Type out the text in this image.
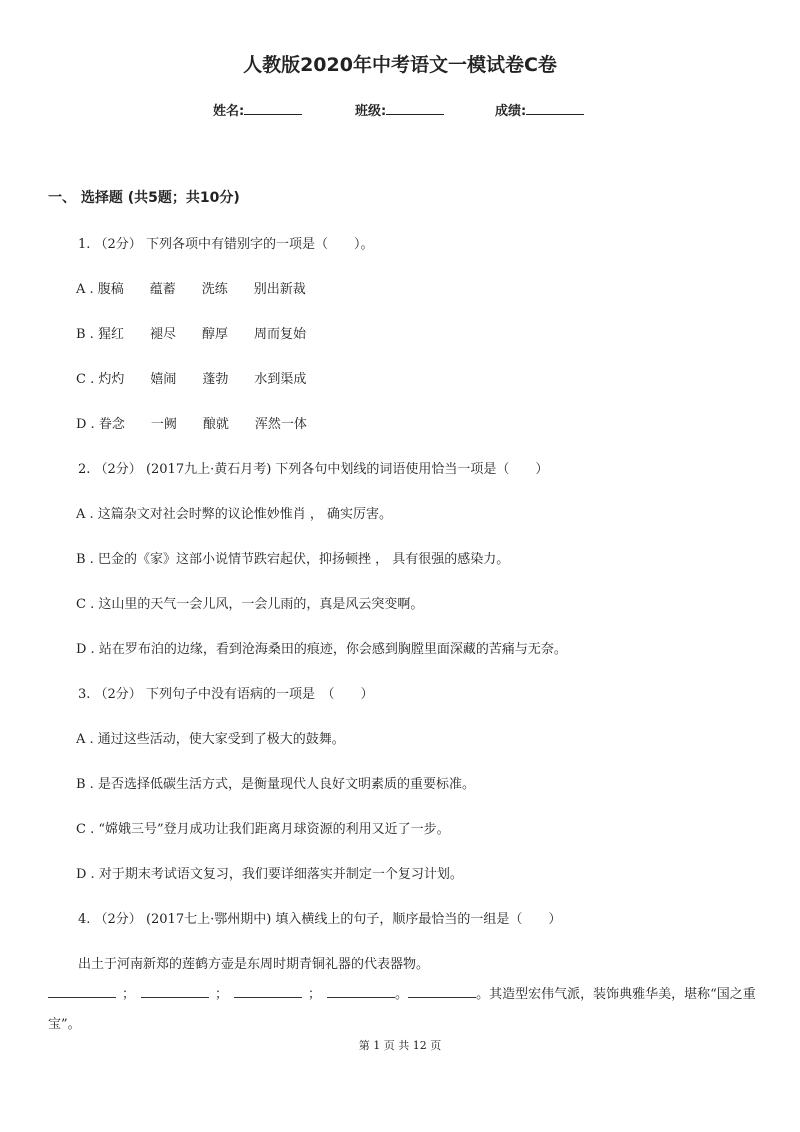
人教版2020年中考语文一模试卷C卷
姓名:	班级:	成绩:
一、 选择题 (共5题；共10分)
1. （2分） 下列各项中有错别字的一项是（　　）。
A . 腹稿　　蕴蓄　　洗练　　别出新裁
B . 猩红　　褪尽　　醇厚　　周而复始
C . 灼灼　　嬉闹　　蓬勃　　水到渠成
D . 眷念　　一阙　　酿就　　浑然一体
2. （2分） (2017九上·黄石月考) 下列各句中划线的词语使用恰当一项是（　　）
A . 这篇杂文对社会时弊的议论惟妙惟肖 ， 确实厉害。
B . 巴金的《家》这部小说情节跌宕起伏，抑扬顿挫 ， 具有很强的感染力。
C . 这山里的天气一会儿风，一会儿雨的，真是风云突变啊。
D . 站在罗布泊的边缘，看到沧海桑田的痕迹，你会感到胸膛里面深藏的苦痛与无奈。
3. （2分） 下列句子中没有语病的一项是　（　　）
A . 通过这些活动，使大家受到了极大的鼓舞。
B . 是否选择低碳生活方式，是衡量现代人良好文明素质的重要标准。
C . “嫦娥三号”登月成功让我们距离月球资源的利用又近了一步。
D . 对于期末考试语文复习，我们要详细落实并制定一个复习计划。
4. （2分） (2017七上·鄂州期中) 填入横线上的句子，顺序最恰当的一组是（　　）
出土于河南新郑的莲鹤方壶是东周时期青铜礼器的代表器物。
；	；	；	。	。其造型宏伟气派，装饰典雅华美，堪称“国之重
宝”。
第 1 页 共 12 页
